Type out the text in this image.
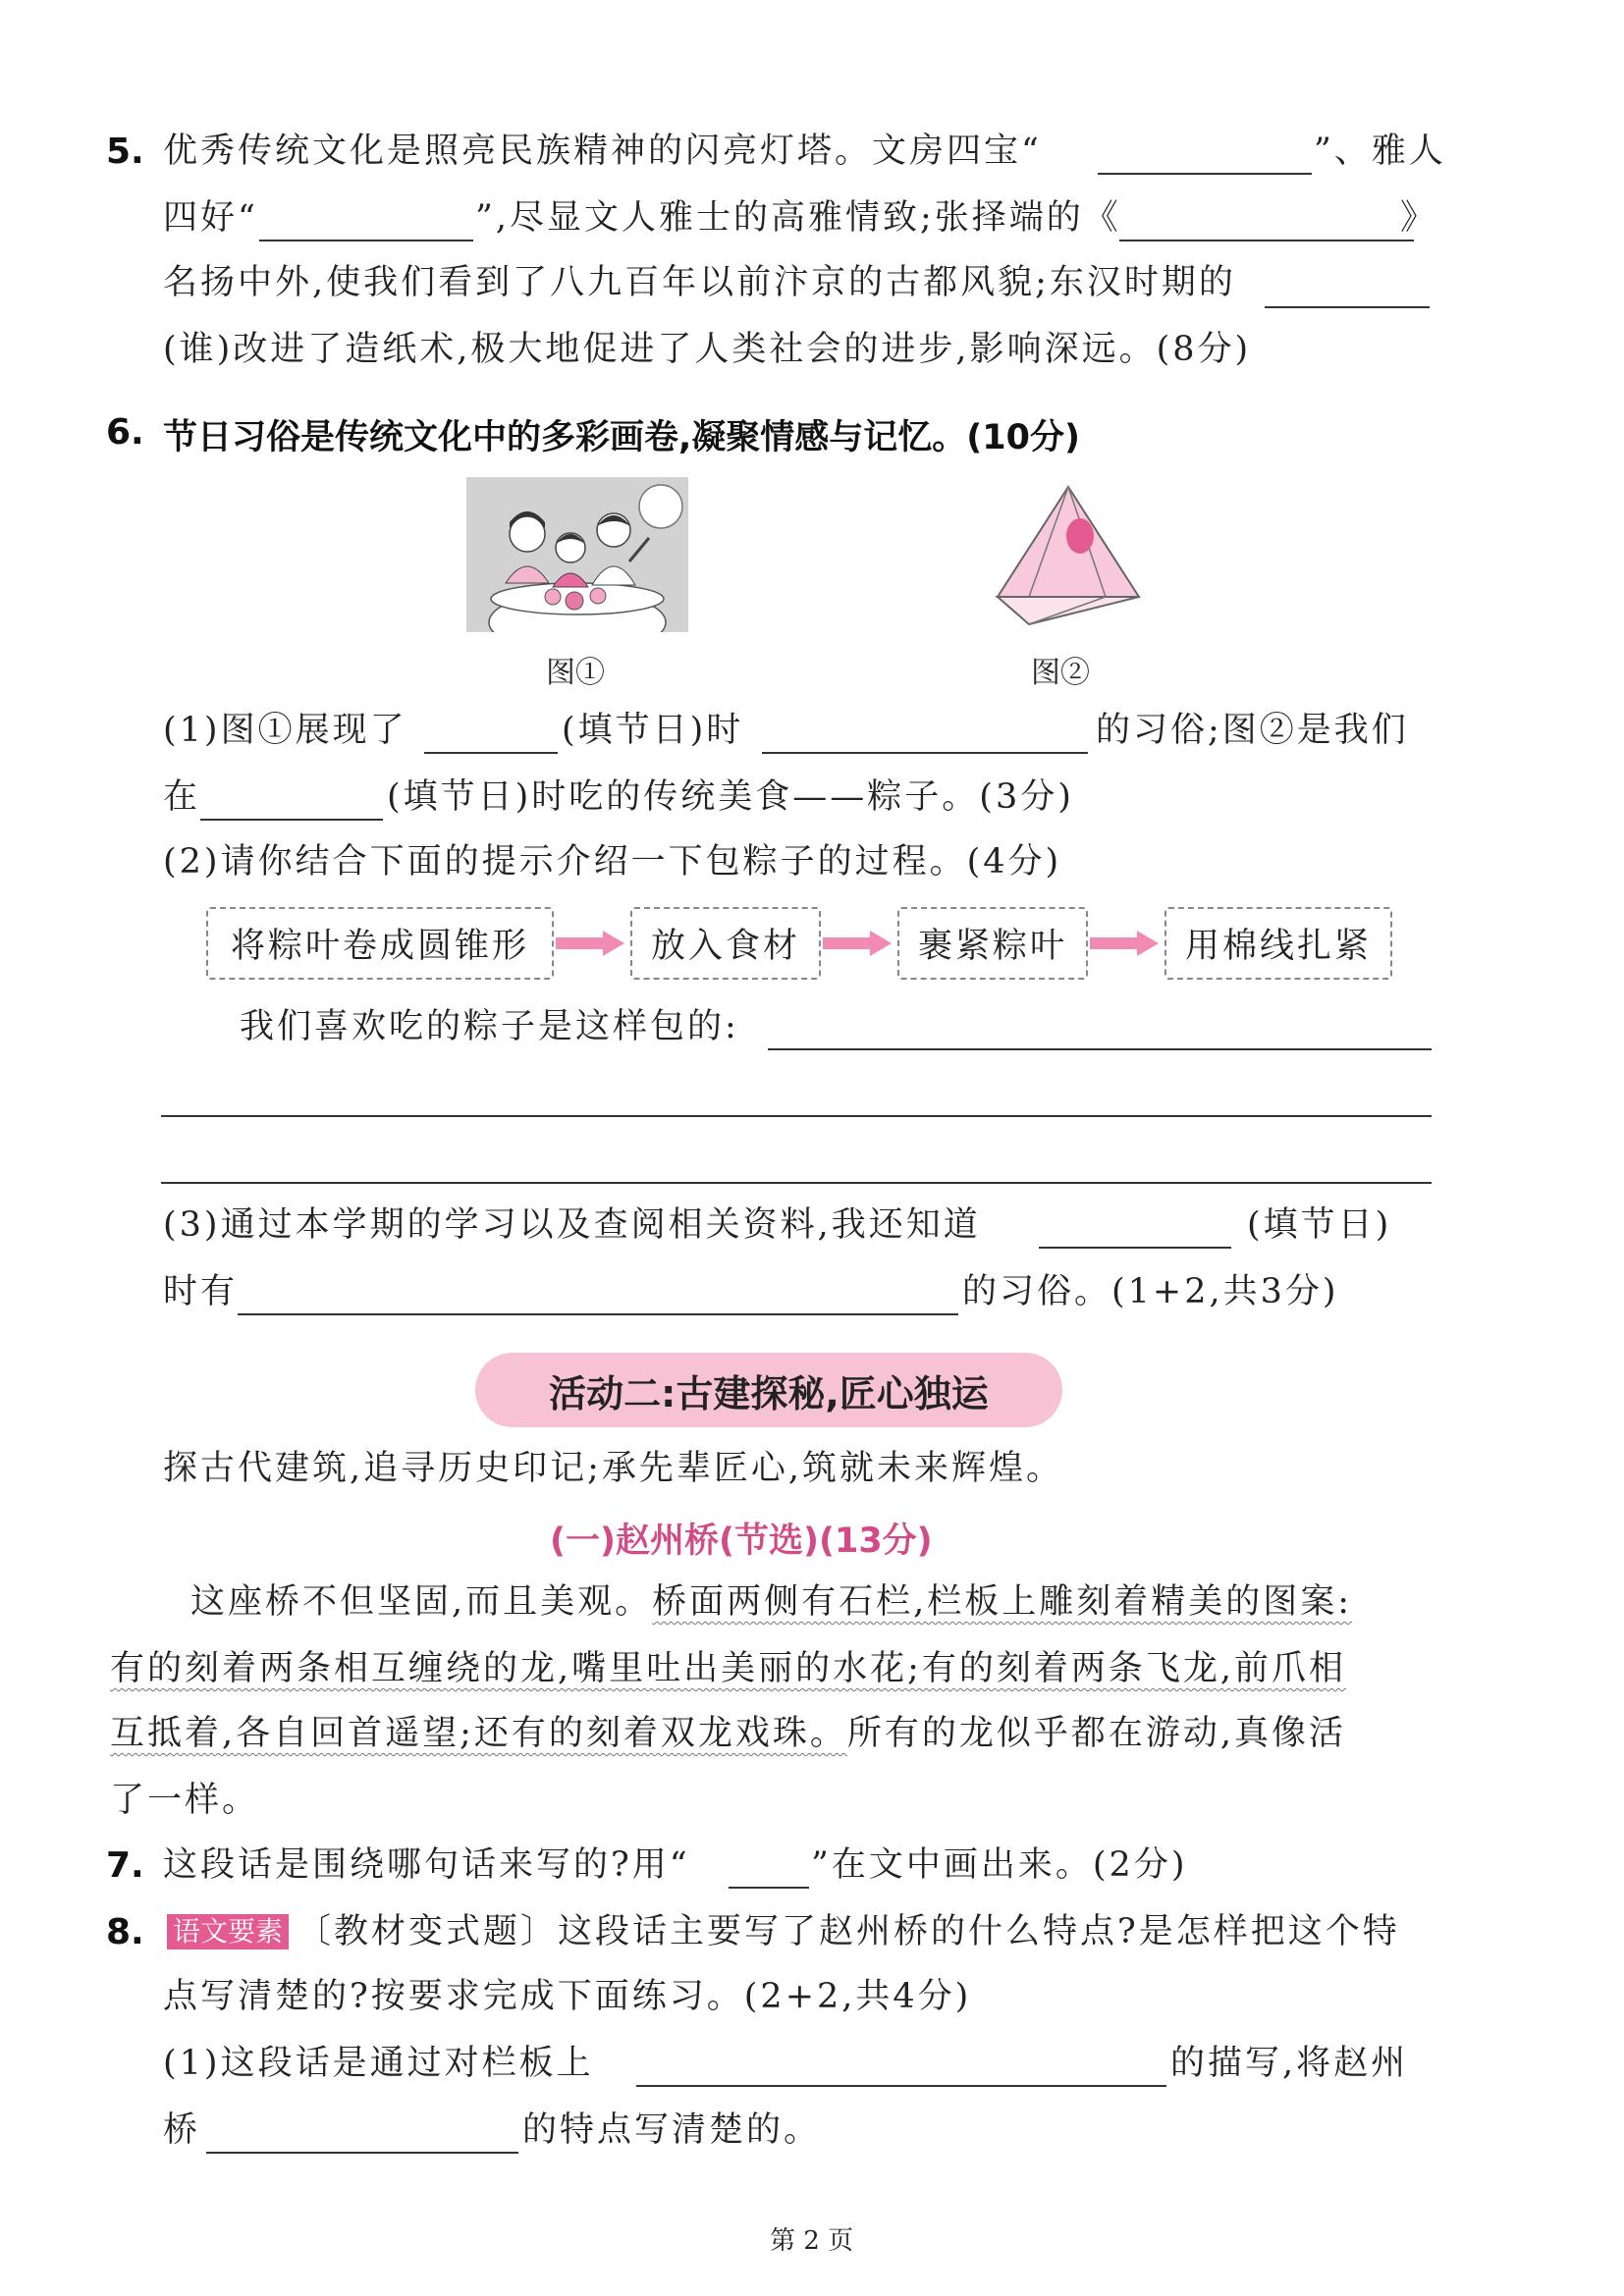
5. 优秀传统文化是照亮民族精神的闪亮灯塔。文房四宝“	”、雅人
四好“	”,尽显文人雅士的高雅情致;张择端的《	》
名扬中外,使我们看到了八九百年以前汴京的古都风貌;东汉时期的
(谁)改进了造纸术,极大地促进了人类社会的进步,影响深远。(8分)
6. 节日习俗是传统文化中的多彩画卷,凝聚情感与记忆。(10分)
图①	图②
(1)图①展现了	(填节日)时	的习俗;图②是我们
在	(填节日)时吃的传统美食——粽子。(3分)
(2)请你结合下面的提示介绍一下包粽子的过程。(4分)
将粽叶卷成圆锥形	放入食材	裹紧粽叶	用棉线扎紧
我们喜欢吃的粽子是这样包的:
(3)通过本学期的学习以及查阅相关资料,我还知道	(填节日)
时有	的习俗。(1+2,共3分)
活动二:古建探秘,匠心独运
探古代建筑,追寻历史印记;承先辈匠心,筑就未来辉煌。
(一)赵州桥(节选)(13分)
这座桥不但坚固,而且美观。桥面两侧有石栏,栏板上雕刻着精美的图案:
有的刻着两条相互缠绕的龙,嘴里吐出美丽的水花;有的刻着两条飞龙,前爪相
互抵着,各自回首遥望;还有的刻着双龙戏珠。所有的龙似乎都在游动,真像活
了一样。
7. 这段话是围绕哪句话来写的?用“	”在文中画出来。(2分)
8. 语文要素 〔教材变式题〕这段话主要写了赵州桥的什么特点?是怎样把这个特
点写清楚的?按要求完成下面练习。(2+2,共4分)
(1)这段话是通过对栏板上	的描写,将赵州
桥	的特点写清楚的。
第 2 页
